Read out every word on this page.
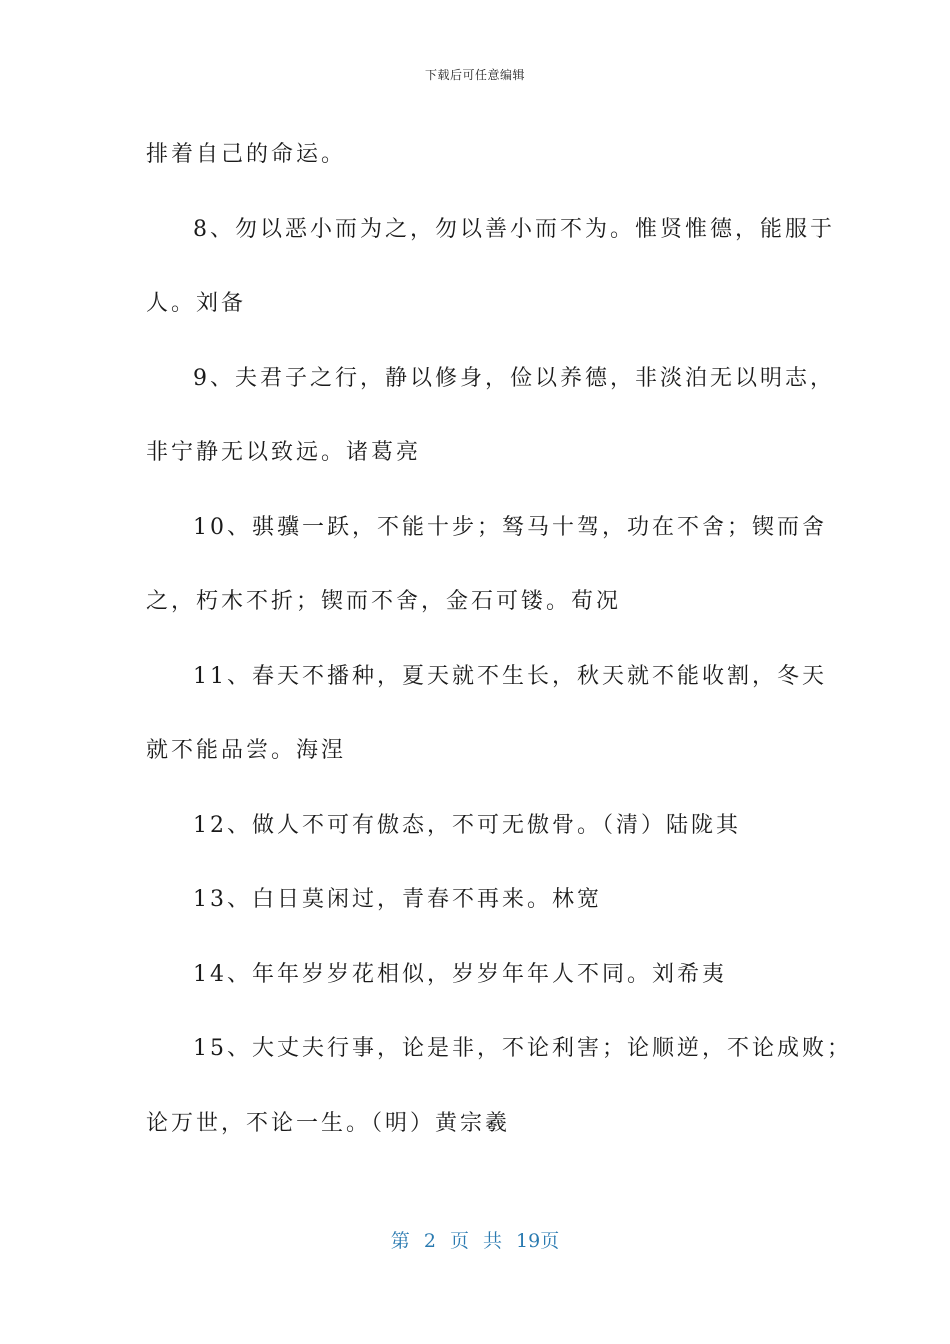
下载后可任意编辑
排着自己的命运。
8、勿以恶小而为之，勿以善小而不为。惟贤惟德，能服于
人。刘备
9、夫君子之行，静以修身，俭以养德，非淡泊无以明志，
非宁静无以致远。诸葛亮
10、骐骥一跃，不能十步；驽马十驾，功在不舍；锲而舍
之，朽木不折；锲而不舍，金石可镂。荀况
11、春天不播种，夏天就不生长，秋天就不能收割，冬天
就不能品尝。海涅
12、做人不可有傲态，不可无傲骨。（清）陆陇其
13、白日莫闲过，青春不再来。林宽
14、年年岁岁花相似，岁岁年年人不同。刘希夷
15、大丈夫行事，论是非，不论利害；论顺逆，不论成败；
论万世，不论一生。（明）黄宗羲
第 2 页 共 19页
